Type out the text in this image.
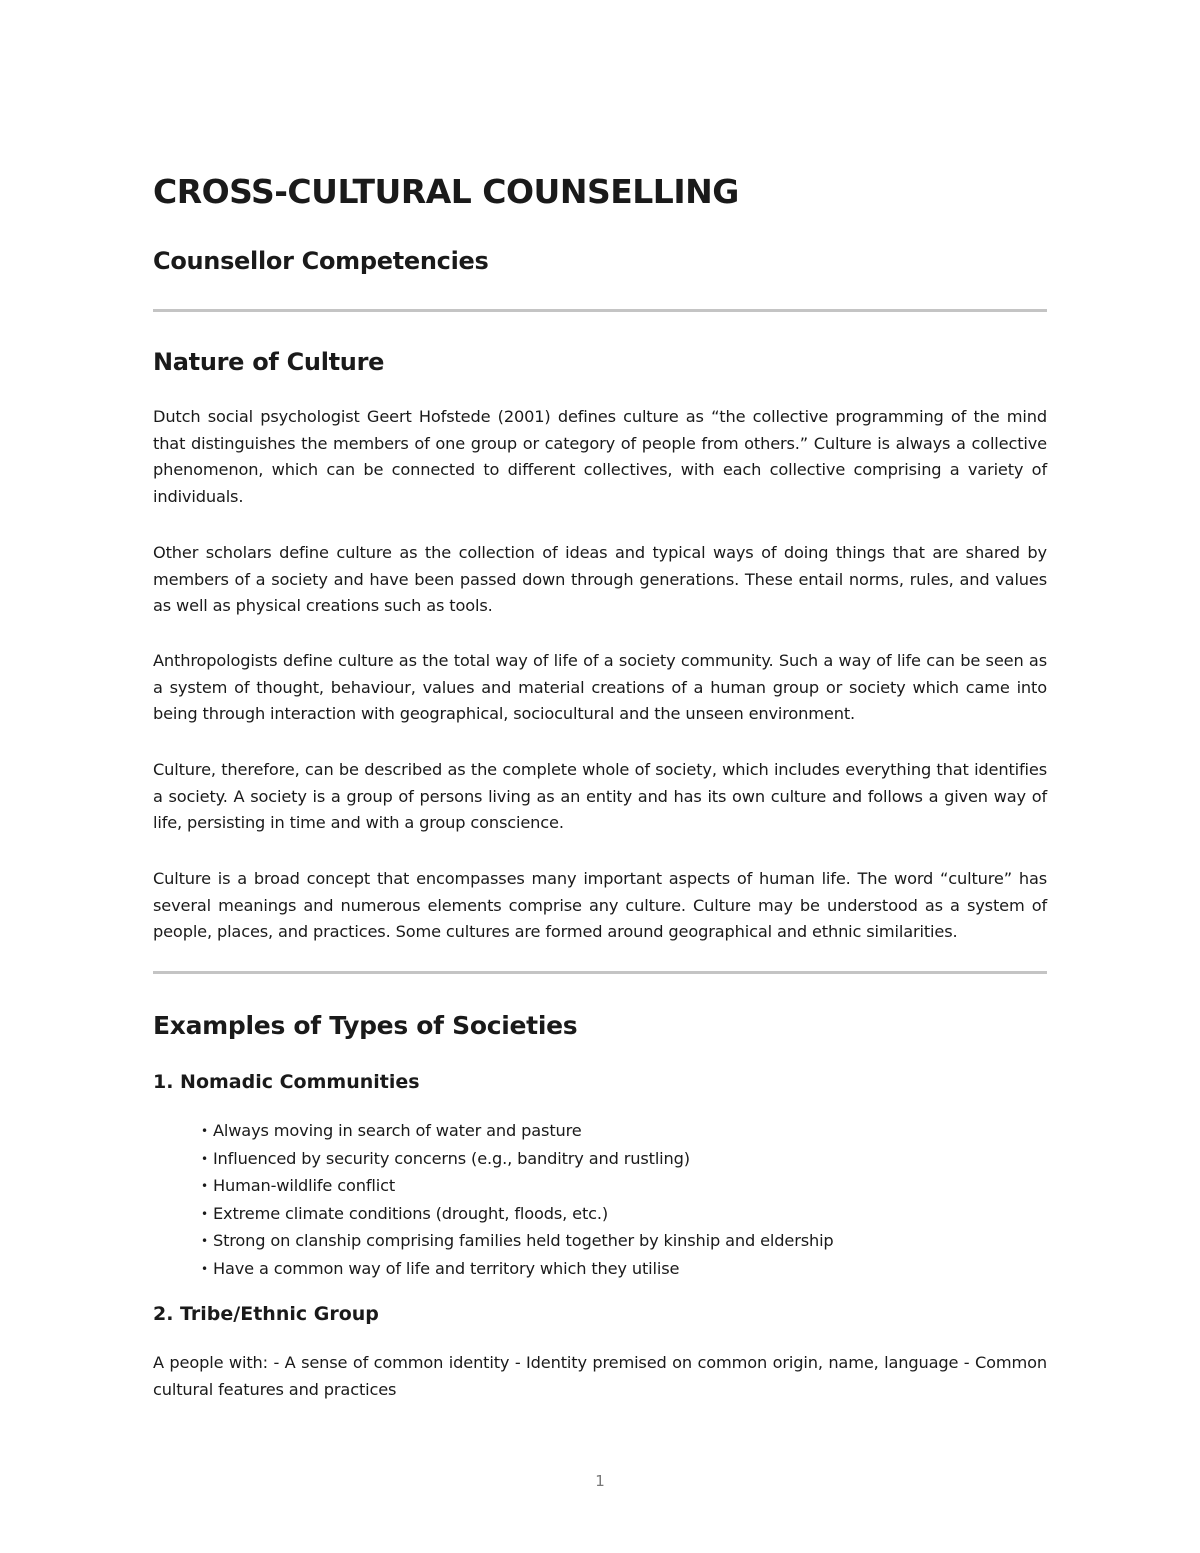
CROSS-CULTURAL COUNSELLING
Counsellor Competencies
Nature of Culture

Dutch social psychologist Geert Hofstede (2001) defines culture as “the collective programming of the mind that distinguishes the members of one group or category of people from others.” Culture is always a collective phenomenon, which can be connected to different collectives, with each collective comprising a variety of individuals.

Other scholars define culture as the collection of ideas and typical ways of doing things that are shared by members of a society and have been passed down through generations. These entail norms, rules, and values as well as physical creations such as tools.

Anthropologists define culture as the total way of life of a society community. Such a way of life can be seen as a system of thought, behaviour, values and material creations of a human group or society which came into being through interaction with geographical, sociocultural and the unseen environment.

Culture, therefore, can be described as the complete whole of society, which includes everything that identifies a society. A society is a group of persons living as an entity and has its own culture and follows a given way of life, persisting in time and with a group conscience.

Culture is a broad concept that encompasses many important aspects of human life. The word “culture” has several meanings and numerous elements comprise any culture. Culture may be understood as a system of people, places, and practices. Some cultures are formed around geographical and ethnic similarities.

Examples of Types of Societies
1. Nomadic Communities
• Always moving in search of water and pasture
• Influenced by security concerns (e.g., banditry and rustling)
• Human-wildlife conflict
• Extreme climate conditions (drought, floods, etc.)
• Strong on clanship comprising families held together by kinship and eldership
• Have a common way of life and territory which they utilise
2. Tribe/Ethnic Group

A people with: - A sense of common identity - Identity premised on common origin, name, language - Common cultural features and practices

1
